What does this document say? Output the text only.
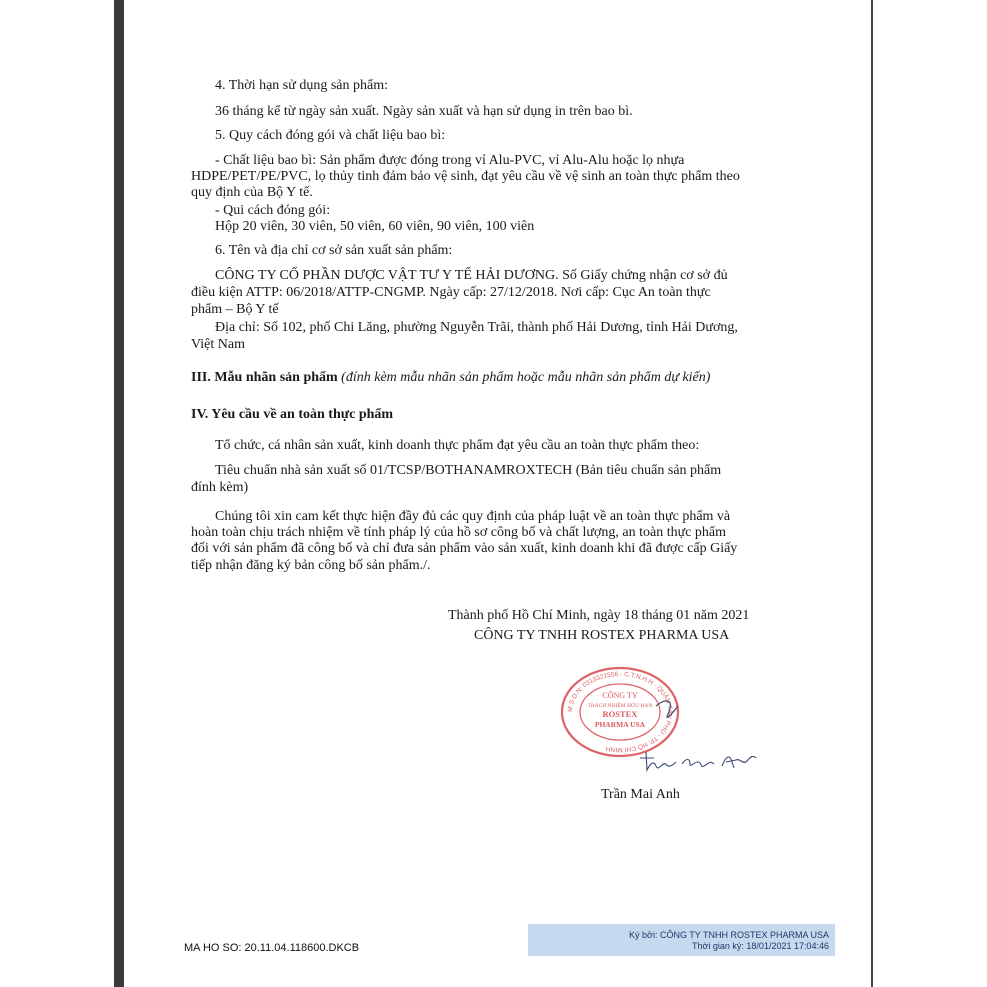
4. Thời hạn sử dụng sản phẩm:
36 tháng kể từ ngày sản xuất. Ngày sản xuất và hạn sử dụng in trên bao bì.
5. Quy cách đóng gói và chất liệu bao bì:
- Chất liệu bao bì: Sản phẩm được đóng trong vỉ Alu-PVC, vỉ Alu-Alu hoặc lọ nhựa
HDPE/PET/PE/PVC, lọ thủy tinh đảm bảo vệ sinh, đạt yêu cầu về vệ sinh an toàn thực phẩm theo
quy định của Bộ Y tế.
- Qui cách đóng gói:
Hộp 20 viên, 30 viên, 50 viên, 60 viên, 90 viên, 100 viên
6. Tên và địa chỉ cơ sở sản xuất sản phẩm:
CÔNG TY CỔ PHẦN DƯỢC VẬT TƯ Y TẾ HẢI DƯƠNG. Số Giấy chứng nhận cơ sở đủ
điều kiện ATTP: 06/2018/ATTP-CNGMP. Ngày cấp: 27/12/2018. Nơi cấp: Cục An toàn thực
phẩm – Bộ Y tế
Địa chỉ: Số 102, phố Chi Lăng, phường Nguyễn Trãi, thành phố Hải Dương, tỉnh Hải Dương,
Việt Nam
III. Mẫu nhãn sản phẩm (đính kèm mẫu nhãn sản phẩm hoặc mẫu nhãn sản phẩm dự kiến)
IV. Yêu cầu về an toàn thực phẩm
Tổ chức, cá nhân sản xuất, kinh doanh thực phẩm đạt yêu cầu an toàn thực phẩm theo:
Tiêu chuẩn nhà sản xuất số 01/TCSP/BOTHANAMROXTECH (Bản tiêu chuẩn sản phẩm
đính kèm)
Chúng tôi xin cam kết thực hiện đầy đủ các quy định của pháp luật về an toàn thực phẩm và
hoàn toàn chịu trách nhiệm về tính pháp lý của hồ sơ công bố và chất lượng, an toàn thực phẩm
đối với sản phẩm đã công bố và chỉ đưa sản phẩm vào sản xuất, kinh doanh khi đã được cấp Giấy
tiếp nhận đăng ký bản công bố sản phẩm./.
Thành phố Hồ Chí Minh, ngày 18 tháng 01 năm 2021
CÔNG TY TNHH ROSTEX PHARMA USA
M.S.D.N: 0313321556 - C.T.N.H.H · QUẬN TÂN PHÚ - TP. HỒ CHÍ MINH
CÔNG TY
TRÁCH NHIỆM HỮU HẠN
ROSTEX
PHARMA USA
Trần Mai Anh
MA HO SO: 20.11.04.118600.DKCB
Ký bởi: CÔNG TY TNHH ROSTEX PHARMA USA
Thời gian ký: 18/01/2021 17:04:46
